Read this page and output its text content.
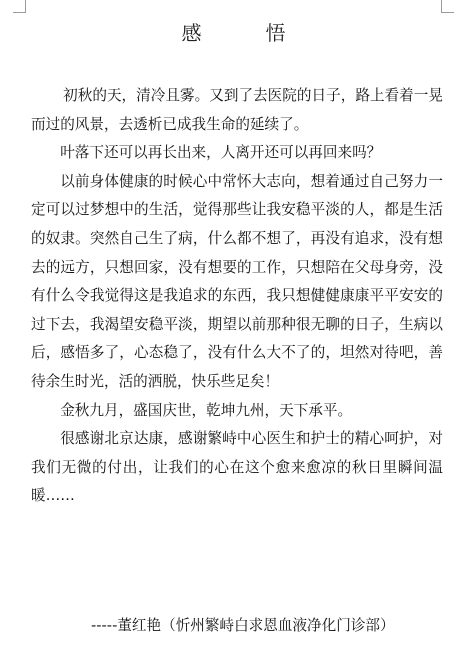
感　悟

初秋的天，清冷且雾。又到了去医院的日子，路上看着一晃而过的风景，去透析已成我生命的延续了。

叶落下还可以再长出来，人离开还可以再回来吗？

以前身体健康的时候心中常怀大志向，想着通过自己努力一定可以过梦想中的生活，觉得那些让我安稳平淡的人，都是生活的奴隶。突然自己生了病，什么都不想了，再没有追求，没有想去的远方，只想回家，没有想要的工作，只想陪在父母身旁，没有什么令我觉得这是我追求的东西，我只想健健康康平平安安的过下去，我渴望安稳平淡，期望以前那种很无聊的日子，生病以后，感悟多了，心态稳了，没有什么大不了的，坦然对待吧，善待余生时光，活的洒脱，快乐些足矣！

金秋九月，盛国庆世，乾坤九州，天下承平。

很感谢北京达康，感谢繁峙中心医生和护士的精心呵护，对我们无微的付出，让我们的心在这个愈来愈凉的秋日里瞬间温暖……

-----董红艳（忻州繁峙白求恩血液净化门诊部）
